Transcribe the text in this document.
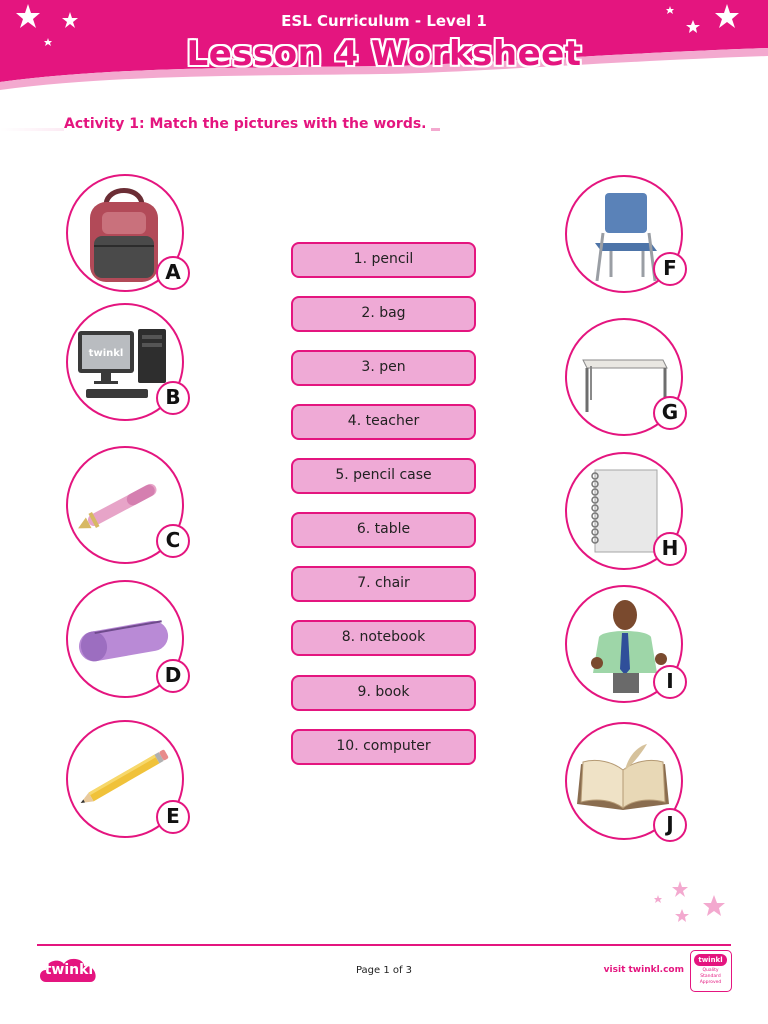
ESL Curriculum - Level 1
Lesson 4 Worksheet
Activity 1: Match the pictures with the words.
A
twinkl
B
C
D
E
F
G
H
I
J
1. pencil
2. bag
3. pen
4. teacher
5. pencil case
6. table
7. chair
8. notebook
9. book
10. computer
twinkl	Page 1 of 3	visit twinkl.com
twinkl
Quality Standard Approved
